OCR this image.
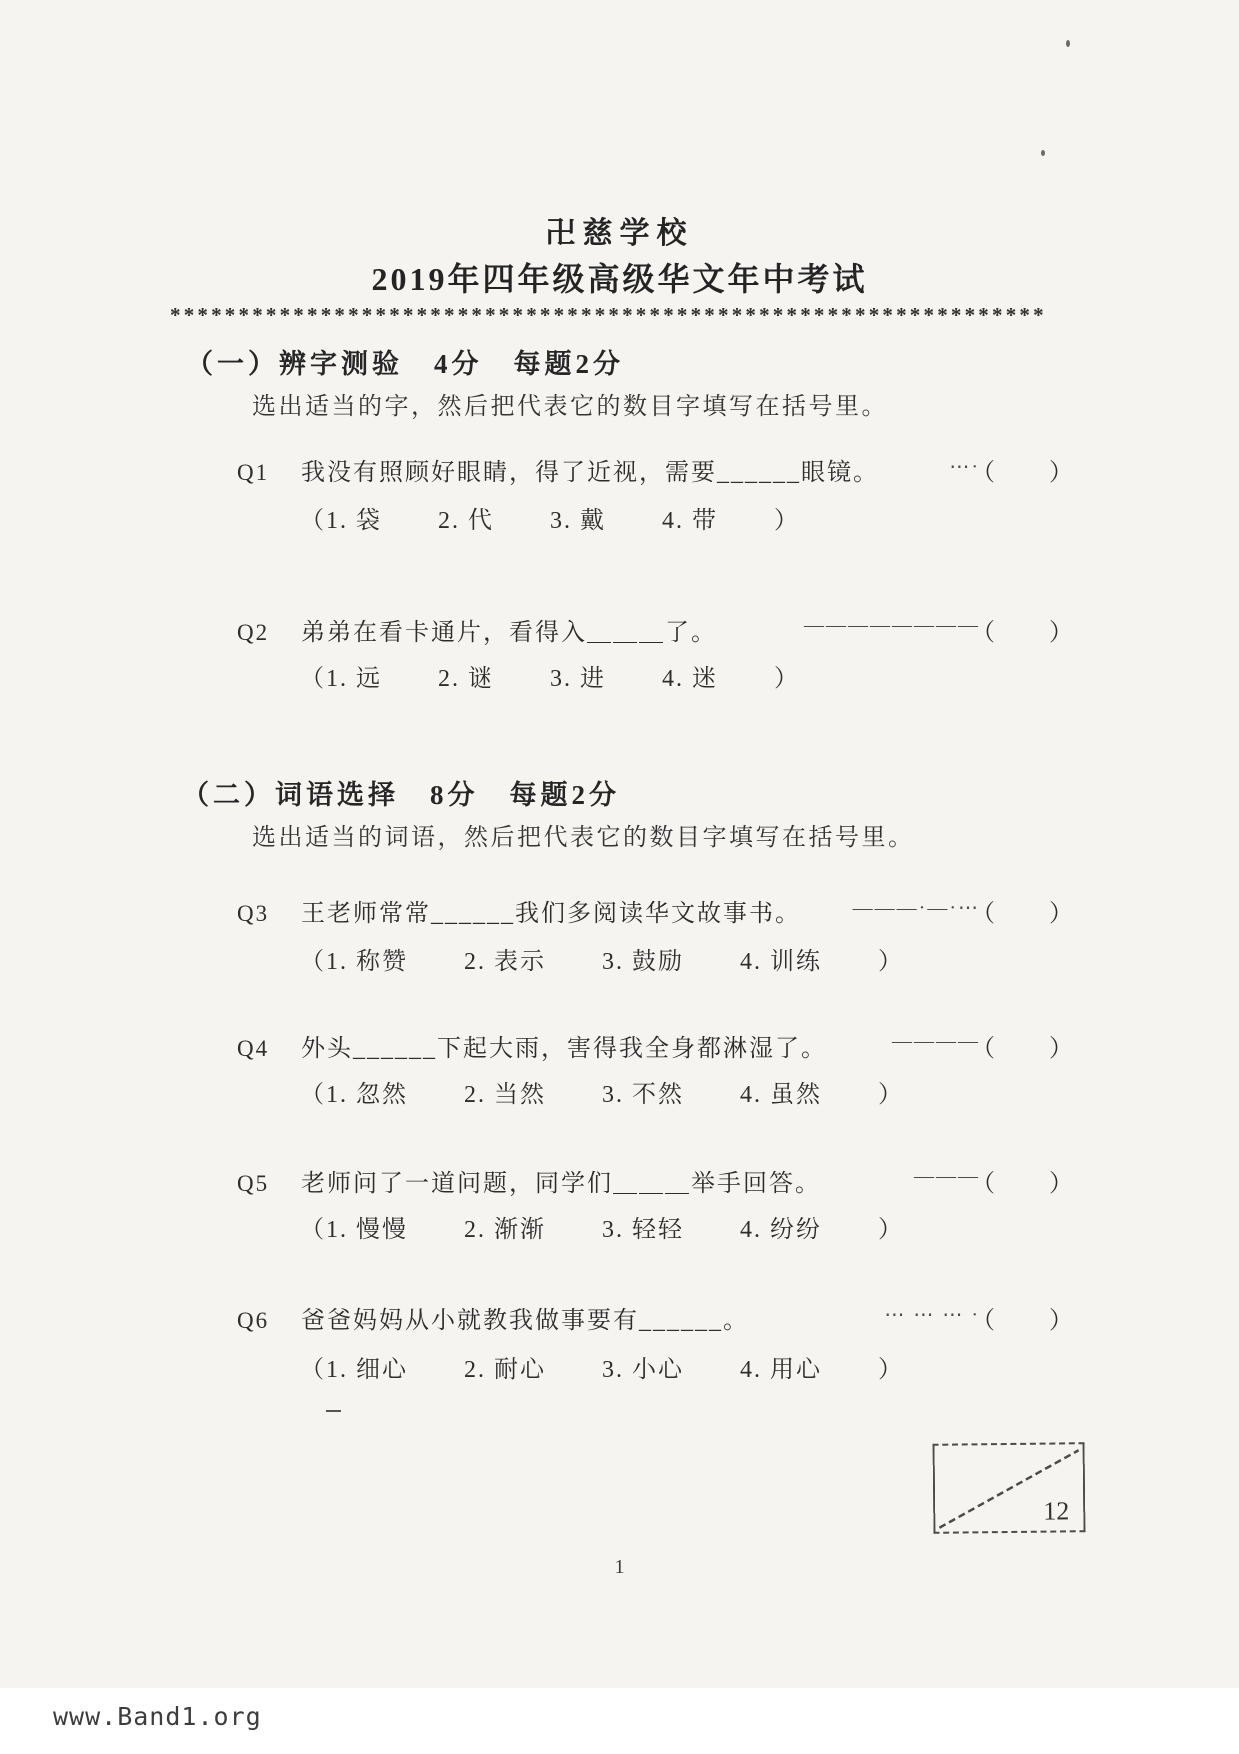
卍慈学校
2019年四年级高级华文年中考试
****************************************************************
（一）辨字测验　4分　每题2分
选出适当的字，然后把代表它的数目字填写在括号里。
Q1 我没有照顾好眼睛，得了近视，需要______眼镜。	⋯·
（　　）
（1. 袋 2. 代 3. 戴 4. 带 ）
Q2 弟弟在看卡通片，看得入＿＿＿了。	————————
（　　）
（1. 远 2. 谜 3. 进 4. 迷 ）
（二）词语选择　8分　每题2分
选出适当的词语，然后把代表它的数目字填写在括号里。
Q3 王老师常常______我们多阅读华文故事书。	———·—·⋯
（　　）
（1. 称赞 2. 表示 3. 鼓励 4. 训练 ）
Q4 外头______下起大雨，害得我全身都淋湿了。	————
（　　）
（1. 忽然 2. 当然 3. 不然 4. 虽然 ）
Q5 老师问了一道问题，同学们＿＿＿举手回答。	———
（　　）
（1. 慢慢 2. 渐渐 3. 轻轻 4. 纷纷 ）
Q6 爸爸妈妈从小就教我做事要有______。	⋯ ⋯ ⋯ ·
（　　）
（1. 细心 2. 耐心 3. 小心 4. 用心 ）
12
1
www.Band1.org
